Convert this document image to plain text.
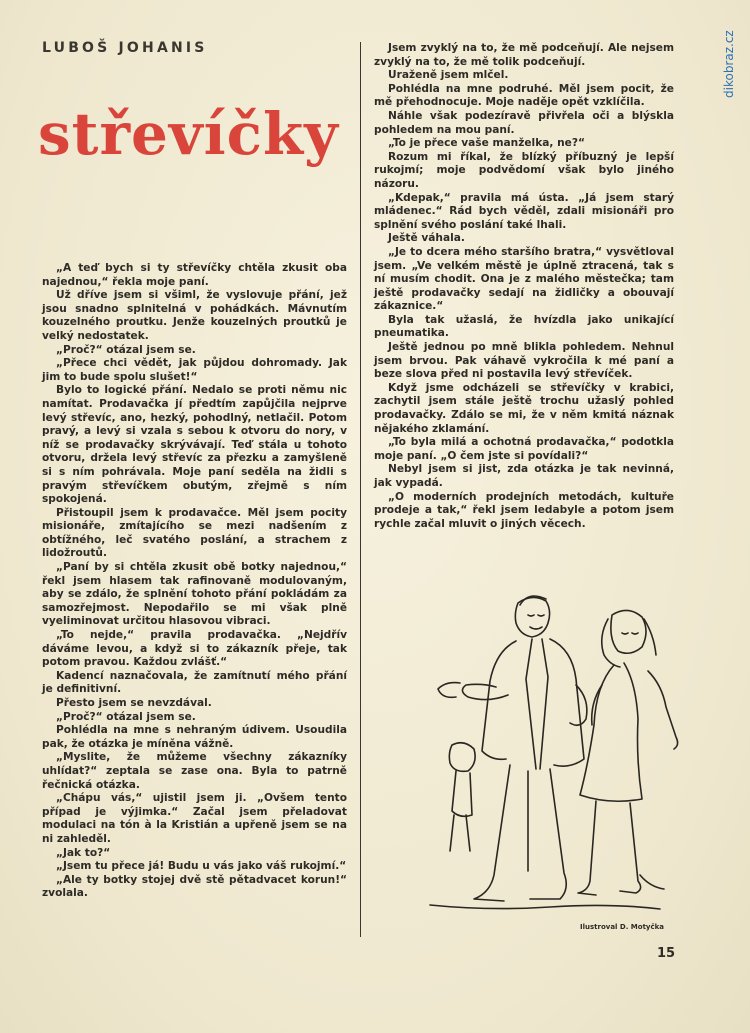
dikobraz.cz
LUBOŠ JOHANIS
střevíčky

„A teď bych si ty střevíčky chtěla zkusit oba najednou,“ řekla moje paní.

Už dříve jsem si všiml, že vyslovuje přání, jež jsou snadno splnitelná v pohádkách. Mávnutím kouzelného proutku. Jenže kouzelných proutků je velký nedostatek.

„Proč?“ otázal jsem se.

„Přece chci vědět, jak půjdou dohromady. Jak jim to bude spolu slušet!“

Bylo to logické přání. Nedalo se proti němu nic namítat. Prodavačka jí předtím zapůjčila nejprve levý střevíc, ano, hezký, pohodlný, netlačil. Potom pravý, a levý si vzala s sebou k otvoru do nory, v níž se prodavačky skrývávají. Teď stála u tohoto otvoru, držela levý střevíc za přezku a zamyšleně si s ním pohrávala. Moje paní seděla na židli s pravým střevíčkem obutým, zřejmě s ním spokojená.

Přistoupil jsem k prodavačce. Měl jsem pocity misionáře, zmítajícího se mezi nadšením z obtížného, leč svatého poslání, a strachem z lidožroutů.

„Paní by si chtěla zkusit obě botky najednou,“ řekl jsem hlasem tak rafinovaně modulovaným, aby se zdálo, že splnění tohoto přání pokládám za samozřejmost. Nepodařilo se mi však plně vyeliminovat určitou hlasovou vibraci.

„To nejde,“ pravila prodavačka. „Nejdřív dáváme levou, a když si to zákazník přeje, tak potom pravou. Každou zvlášť.“

Kadencí naznačovala, že zamítnutí mého přání je definitivní.

Přesto jsem se nevzdával.

„Proč?“ otázal jsem se.

Pohlédla na mne s nehraným údivem. Usoudila pak, že otázka je míněna vážně.

„Myslite, že můžeme všechny zákazníky uhlídat?“ zeptala se zase ona. Byla to patrně řečnická otázka.

„Chápu vás,“ ujistil jsem ji. „Ovšem tento případ je výjimka.“ Začal jsem přeladovat modulaci na tón à la Kristián a upřeně jsem se na ni zahleděl.

„Jak to?“

„Jsem tu přece já! Budu u vás jako váš rukojmí.“

„Ale ty botky stojej dvě stě pětadvacet korun!“ zvolala.

Jsem zvyklý na to, že mě podceňují. Ale nejsem zvyklý na to, že mě tolik podceňují.

Uraženě jsem mlčel.

Pohlédla na mne podruhé. Měl jsem pocit, že mě přehodnocuje. Moje naděje opět vzklíčila.

Náhle však podezíravě přivřela oči a blýskla pohledem na mou paní.

„To je přece vaše manželka, ne?“

Rozum mi říkal, že blízký příbuzný je lepší rukojmí; moje podvědomí však bylo jiného názoru.

„Kdepak,“ pravila má ústa. „Já jsem starý mládenec.“ Rád bych věděl, zdali misionáři pro splnění svého poslání také lhali.

Ještě váhala.

„Je to dcera mého staršího bratra,“ vysvětloval jsem. „Ve velkém městě je úplně ztracená, tak s ní musím chodit. Ona je z malého městečka; tam ještě prodavačky sedají na židličky a obouvají zákaznice.“

Byla tak užaslá, že hvízdla jako unikající pneumatika.

Ještě jednou po mně blikla pohledem. Nehnul jsem brvou. Pak váhavě vykročila k mé paní a beze slova před ni postavila levý střevíček.

Když jsme odcházeli se střevíčky v krabici, zachytil jsem stále ještě trochu užaslý pohled prodavačky. Zdálo se mi, že v něm kmitá náznak nějakého zklamání.

„To byla milá a ochotná prodavačka,“ podotkla moje paní. „O čem jste si povídali?“

Nebyl jsem si jist, zda otázka je tak nevinná, jak vypadá.

„O moderních prodejních metodách, kultuře prodeje a tak,“ řekl jsem ledabyle a potom jsem rychle začal mluvit o jiných věcech.

Ilustroval D. Motyčka
15
